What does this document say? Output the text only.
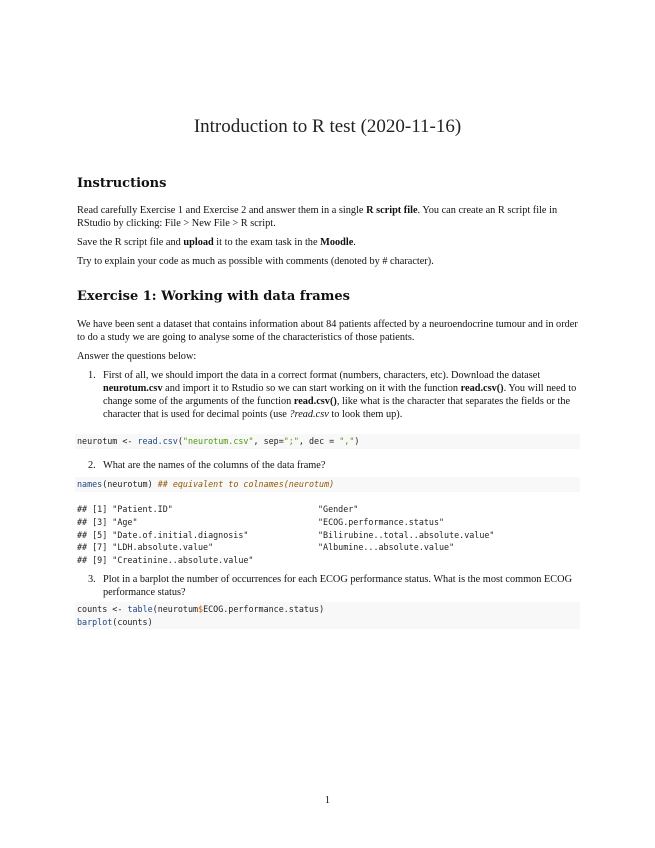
Introduction to R test (2020-11-16)
Instructions

Read carefully Exercise 1 and Exercise 2 and answer them in a single R script file. You can create an R script file in RStudio by clicking: File > New File > R script.

Save the R script file and upload it to the exam task in the Moodle.

Try to explain your code as much as possible with comments (denoted by # character).

Exercise 1: Working with data frames

We have been sent a dataset that contains information about 84 patients affected by a neuroendocrine tumour and in order to do a study we are going to analyse some of the characteristics of those patients.

Answer the questions below:

1. First of all, we should import the data in a correct format (numbers, characters, etc). Download the dataset neurotum.csv and import it to Rstudio so we can start working on it with the function read.csv(). You will need to change some of the arguments of the function read.csv(), like what is the character that separates the fields or the character that is used for decimal points (use ?read.csv to look them up).
neurotum <- read.csv("neurotum.csv", sep=";", dec = ",")
2. What are the names of the columns of the data frame?
names(neurotum) ## equivalent to colnames(neurotum)
## [1] "Patient.ID"	"Gender"
## [3] "Age"	"ECOG.performance.status"
## [5] "Date.of.initial.diagnosis"	"Bilirubine..total..absolute.value"
## [7] "LDH.absolute.value"	"Albumine...absolute.value"
## [9] "Creatinine..absolute.value"
3. Plot in a barplot the number of occurrences for each ECOG performance status. What is the most common ECOG performance status?
counts <- table(neurotum$ECOG.performance.status)
barplot(counts)
1
